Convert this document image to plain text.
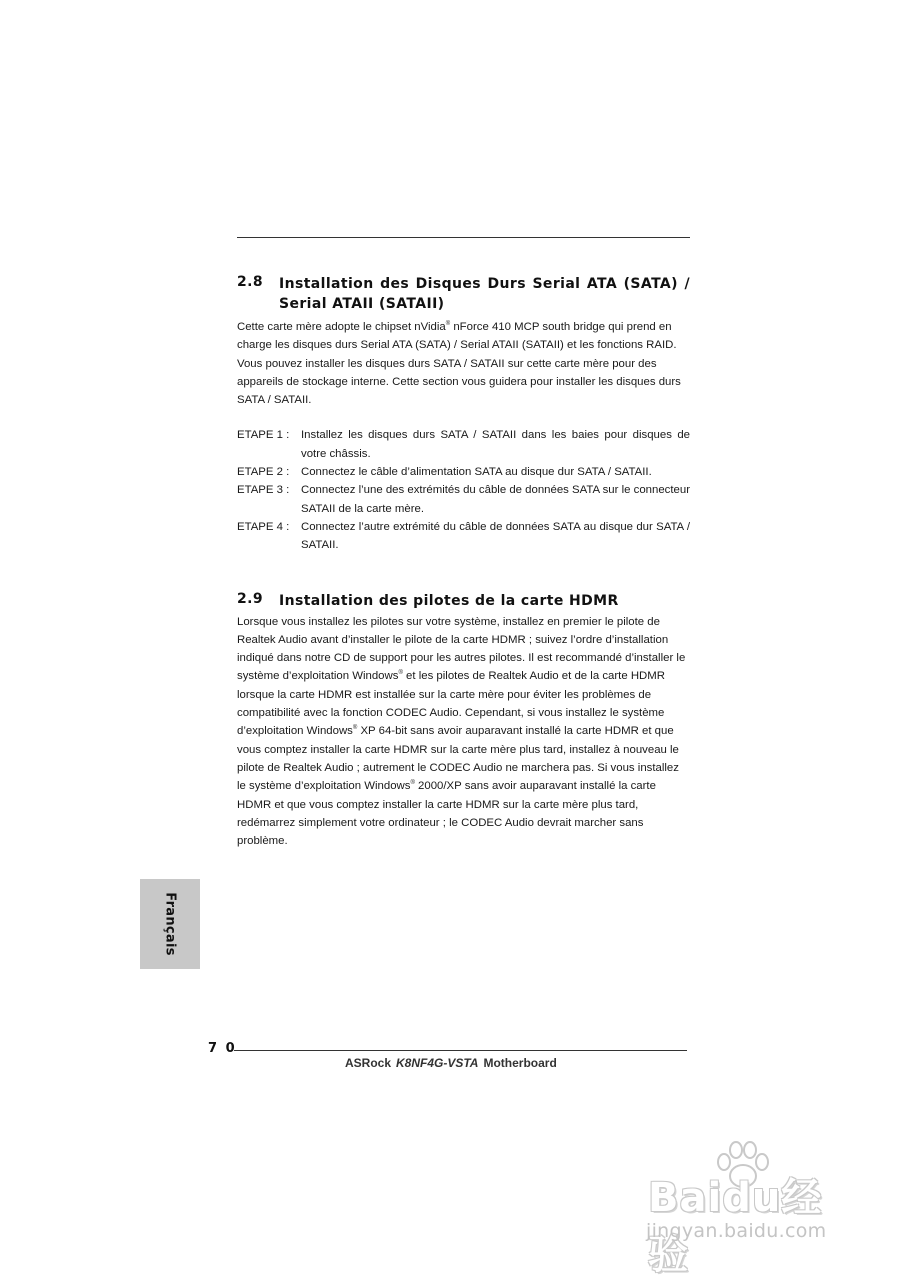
2.8	Installation des Disques Durs Serial ATA (SATA) / Serial ATAII (SATAII)

Cette carte mère adopte le chipset nVidia® nForce 410 MCP south bridge qui prend en charge les disques durs Serial ATA (SATA) / Serial ATAII (SATAII) et les fonctions RAID. Vous pouvez installer les disques durs SATA / SATAII sur cette carte mère pour des appareils de stockage interne. Cette section vous guidera pour installer les disques durs SATA / SATAII.

ETAPE 1 :	Installez les disques durs SATA / SATAII dans les baies pour disques de votre châssis.
ETAPE 2 :	Connectez le câble d’alimentation SATA au disque dur SATA / SATAII.
ETAPE 3 :	Connectez l’une des extrémités du câble de données SATA sur le connecteur SATAII de la carte mère.
ETAPE 4 :	Connectez l’autre extrémité du câble de données SATA au disque dur SATA / SATAII.
2.9	Installation des pilotes de la carte HDMR

Lorsque vous installez les pilotes sur votre système, installez en premier le pilote de Realtek Audio avant d’installer le pilote de la carte HDMR ; suivez l’ordre d’installation indiqué dans notre CD de support pour les autres pilotes. Il est recommandé d’installer le système d’exploitation Windows® et les pilotes de Realtek Audio et de la carte HDMR lorsque la carte HDMR est installée sur la carte mère pour éviter les problèmes de compatibilité avec la fonction CODEC Audio. Cependant, si vous installez le système d’exploitation Windows® XP 64-bit sans avoir auparavant installé la carte HDMR et que vous comptez installer la carte HDMR sur la carte mère plus tard, installez à nouveau le pilote de Realtek Audio ; autrement le CODEC Audio ne marchera pas. Si vous installez le système d’exploitation Windows® 2000/XP sans avoir auparavant installé la carte HDMR et que vous comptez installer la carte HDMR sur la carte mère plus tard, redémarrez simplement votre ordinateur ; le CODEC Audio devrait marcher sans problème.

Français
7 0
ASRock K8NF4G-VSTA Motherboard
Baidu经验
jingyan.baidu.com
